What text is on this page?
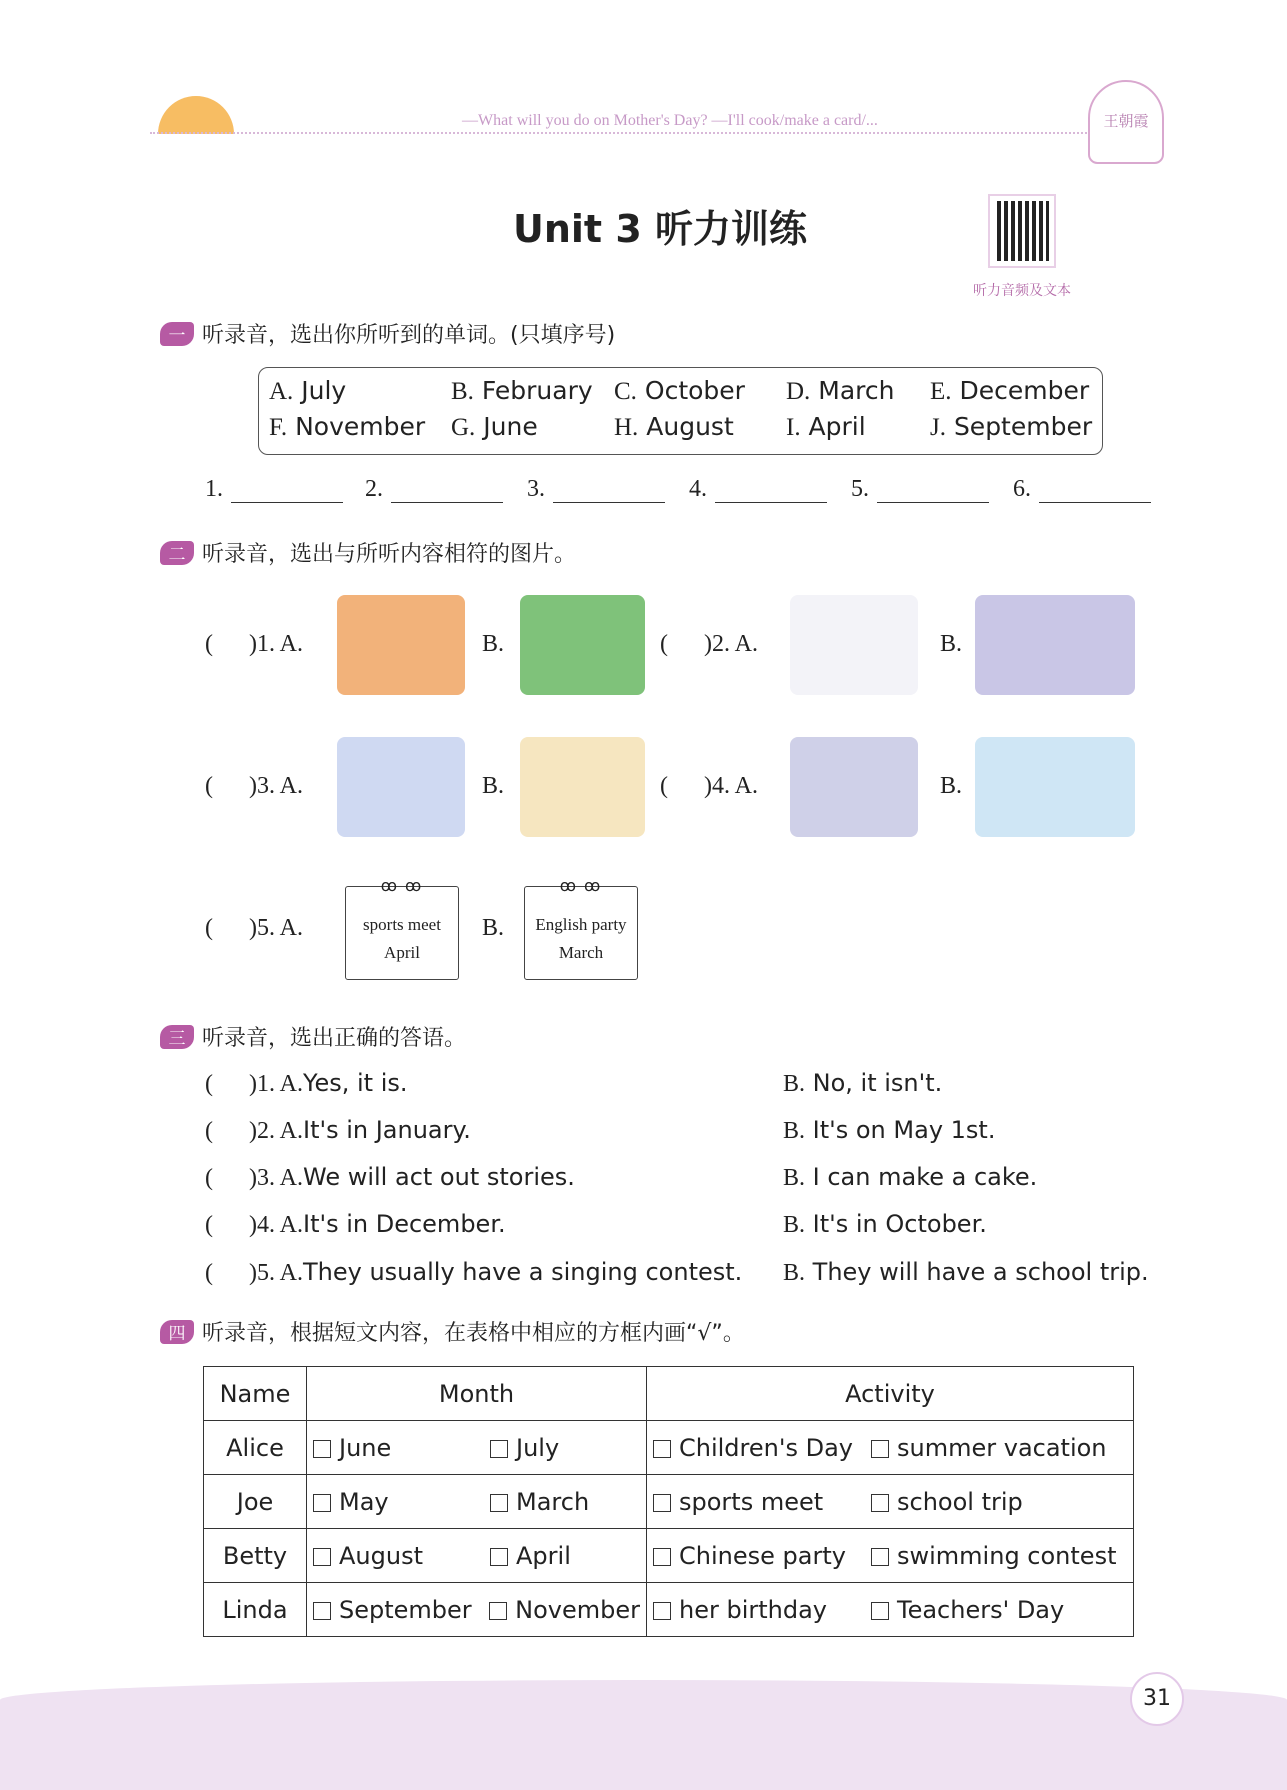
—What will you do on Mother's Day? —I'll cook/make a card/...	王朝霞
Unit 3 听力训练
听力音频及文本
一 听录音，选出你所听到的单词。(只填序号)
A. July	B. February C. October D. March E. December
F. November G. June	H. August I. April	J. September
1.	2.	3.	4.	5.	6.
二 听录音，选出与所听内容相符的图片。
(      )1. A.	B.	(      )2. A.	B.
(      )3. A.	B.	(      )4. A.	B.
(      )5. A.	B.
ꝏ ꝏ sports meet
April
ꝏ ꝏ English party
March
三 听录音，选出正确的答语。
(      )1. A.Yes, it is.	B. No, it isn't.
(      )2. A.It's in January.	B. It's on May 1st.
(      )3. A.We will act out stories.	B. I can make a cake.
(      )4. A.It's in December.	B. It's in October.
(      )5. A.They usually have a singing contest. B. They will have a school trip.
四 听录音，根据短文内容，在表格中相应的方框内画“√”。
Name	Month	Activity
Alice	June July	Children's Day summer vacation

Joe	May March	sports meet school trip

Betty	August April	Chinese party swimming contest

Linda	September November	her birthday Teachers' Day
31
